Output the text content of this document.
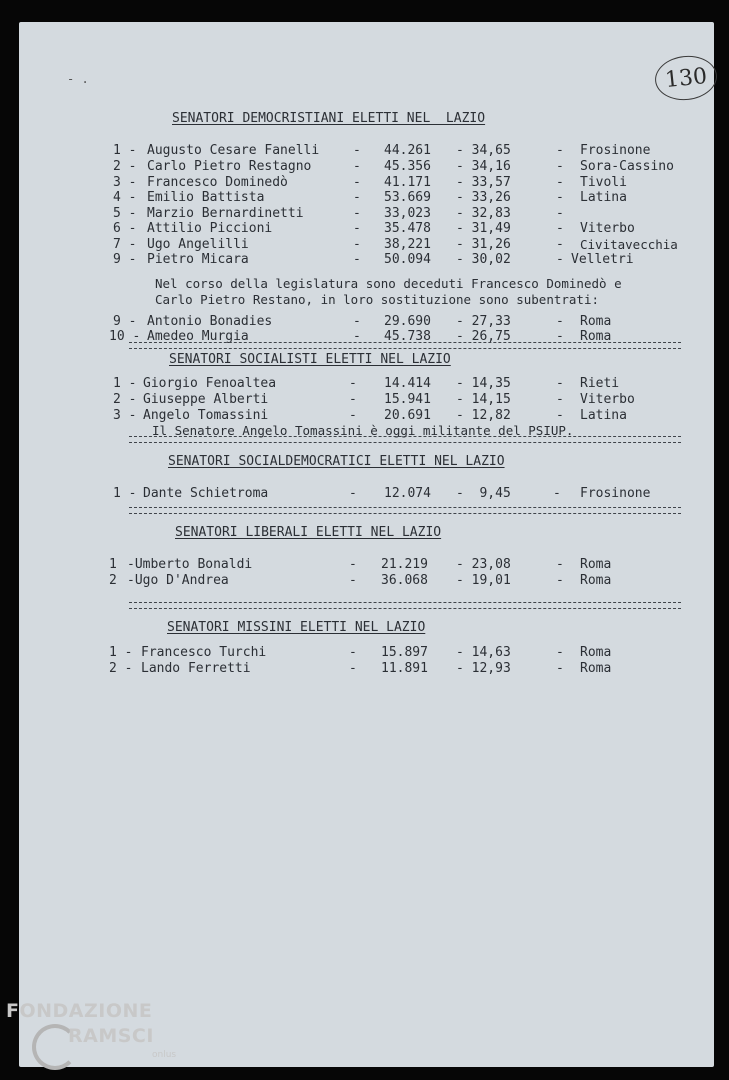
- .	130
SENATORI DEMOCRISTIANI ELETTI NEL  LAZIO
1 - Augusto Cesare Fanelli	- 44.261 - 34,65	- Frosinone
2 - Carlo Pietro Restagno	- 45.356 - 34,16	- Sora-Cassino
3 - Francesco Dominedò	- 41.171 - 33,57	- Tivoli
4 - Emilio Battista	- 53.669 - 33,26	- Latina
5 - Marzio Bernardinetti	- 33,023 - 32,83	-
6 - Attilio Piccioni	- 35.478 - 31,49	- Viterbo
7 - Ugo Angelilli	- 38,221 - 31,26	- Civitavecchia
9 - Pietro Micara	- 50.094 - 30,02	- Velletri
Nel corso della legislatura sono deceduti Francesco Dominedò e
Carlo Pietro Restano, in loro sostituzione sono subentrati:
9 - Antonio Bonadies	- 29.690 - 27,33	- Roma
10 - Amedeo Murgia	- 45.738 - 26,75	- Roma
SENATORI SOCIALISTI ELETTI NEL LAZIO
1 - Giorgio Fenoaltea	- 14.414 - 14,35	- Rieti
2 - Giuseppe Alberti	- 15.941 - 14,15	- Viterbo
3 - Angelo Tomassini	- 20.691 - 12,82	- Latina
Il Senatore Angelo Tomassini è oggi militante del PSIUP.
SENATORI SOCIALDEMOCRATICI ELETTI NEL LAZIO
1 - Dante Schietroma	- 12.074 -  9,45	- Frosinone
SENATORI LIBERALI ELETTI NEL LAZIO
1 -Umberto Bonaldi	- 21.219 - 23,08	- Roma
2 -Ugo D'Andrea	- 36.068 - 19,01	- Roma
SENATORI MISSINI ELETTI NEL LAZIO
1 - Francesco Turchi	- 15.897 - 14,63	- Roma
2 - Lando Ferretti	- 11.891 - 12,93	- Roma
FONDAZIONE
RAMSCI
onlus
